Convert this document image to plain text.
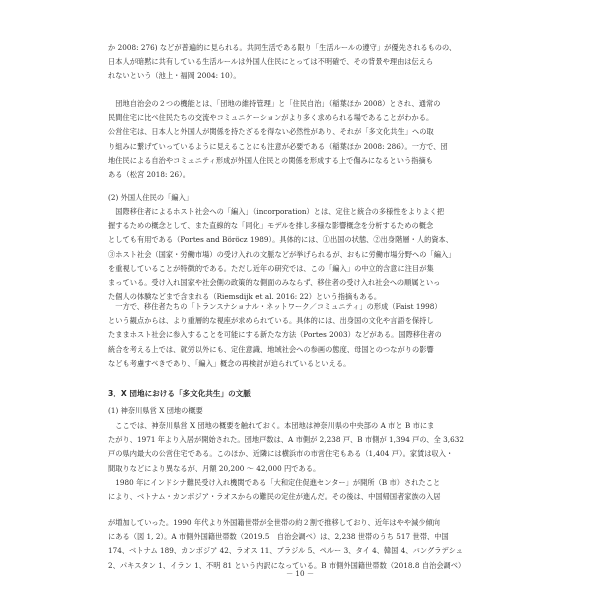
か 2008: 276) などが普遍的に見られる。共同生活である限り「生活ルールの遵守」が優先されるものの、
日本人が暗黙に共有している生活ルールは外国人住民にとっては不明確で、その背景や理由は伝えら
れないという（池上・福岡 2004: 10）。
　団地自治会の２つの機能とは、「団地の維持管理」と「住民自治」（稲葉ほか 2008）とされ、通常の
民間住宅に比べ住民たちの交流やコミュニケーションがより多く求められる場であることがわかる。
公営住宅は、日本人と外国人が関係を持たざるを得ない必然性があり、それが「多文化共生」への取
り組みに繋げていっているように見えることにも注意が必要である（稲葉ほか 2008: 286）。一方で、団
地住民による自治やコミュニティ形成が外国人住民との関係を形成する上で傷みになるという指摘も
ある（松宮 2018: 26）。
(2) 外国人住民の「編入」
　国際移住者によるホスト社会への「編入」（incorporation）とは、定住と統合の多様性をよりよく把
握するための概念として、また直線的な「同化」モデルを排し多様な影響概念を分析するための概念
としても有用である（Portes and Böröcz 1989）。具体的には、①出国の状態、②出身階層・人的資本、
③ホスト社会（国家・労働市場）の受け入れの文脈などが挙げられるが、おもに労働市場分野への「編入」
を重視していることが特徴的である。ただし近年の研究では、この「編入」の中立的含意に注目が集
まっている。受け入れ国家や社会側の政策的な側面のみならず、移住者の受け入れ社会への順属といっ
た個人の体験などまで含まれる（Riemsdijk et al. 2016: 22）という指摘もある。
　一方で、移住者たちの「トランスナショナル・ネットワーク／コミュニティ」の形成（Faist 1998）
という観点からは、より重層的な視座が求められている。具体的には、出身国の文化や言語を保持し
たままホスト社会に参入することを可能にする新たな方法（Portes 2003）などがある。国際移住者の
統合を考える上では、就労以外にも、定住意識、地域社会への参画の態度、母国とのつながりの影響
なども考慮すべきであり、「編入」概念の再検討が迫られているといえる。
3．X 団地における「多文化共生」の文脈
(1) 神奈川県営 X 団地の概要
　ここでは、神奈川県営 X 団地の概要を触れておく。本団地は神奈川県の中央部の A 市と B 市にま
たがり、1971 年より入居が開始された。団地戸数は、A 市側が 2,238 戸、B 市側が 1,394 戸の、全 3,632
戸の県内最大の公営住宅である。このほか、近隣には横浜市の市営住宅もある（1,404 戸）。家賃は収入・
間取りなどにより異なるが、月額 20,200 ～ 42,000 円である。
　1980 年にインドシナ難民受け入れ機関である「大和定住促進センター」が開所（B 市）されたこと
により、ベトナム・カンボジア・ラオスからの難民の定住が進んだ。その後は、中国帰国者家族の入居
が増加していった。1990 年代より外国籍世帯が全世帯の約２割で推移しており、近年はやや減少傾向
にある（図 1, 2）。A 市側外国籍世帯数（2019.5　自治会調べ）は、2,238 世帯のうち 517 世帯、中国
174、ベトナム 189、カンボジア 42、ラオス 11、ブラジル 5、ペルー 3、タイ 4、韓国 4、バングラデシュ
2、パキスタン 1、イラン 1、不明 81 という内訳になっている。B 市側外国籍世帯数（2018.8 自治会調べ）
－ 10 －
